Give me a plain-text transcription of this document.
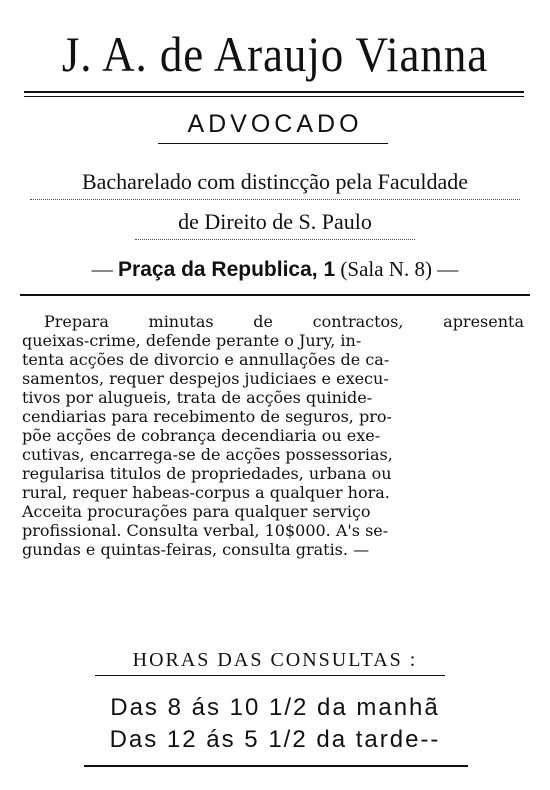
J. A. de Araujo Vianna
ADVOCADO
Bacharelado com distincção pela Faculdade
de Direito de S. Paulo
— Praça da Republica, 1 (Sala N. 8) —
Prepara minutas de contractos, apresenta
queixas-crime, defende perante o Jury, in-
tenta acções de divorcio e annullações de ca-
samentos, requer despejos judiciaes e execu-
tivos por alugueis, trata de acções quinide-
cendiarias para recebimento de seguros, pro-
põe acções de cobrança decendiaria ou exe-
cutivas, encarrega-se de acções possessorias,
regularisa titulos de propriedades, urbana ou
rural, requer habeas-corpus a qualquer hora.
Acceita procurações para qualquer serviço
profissional. Consulta verbal, 10$000. A's se-
gundas e quintas-feiras, consulta gratis. —
HORAS DAS CONSULTAS :
Das 8 ás 10 1/2 da manhã
Das 12 ás 5 1/2 da tarde--
